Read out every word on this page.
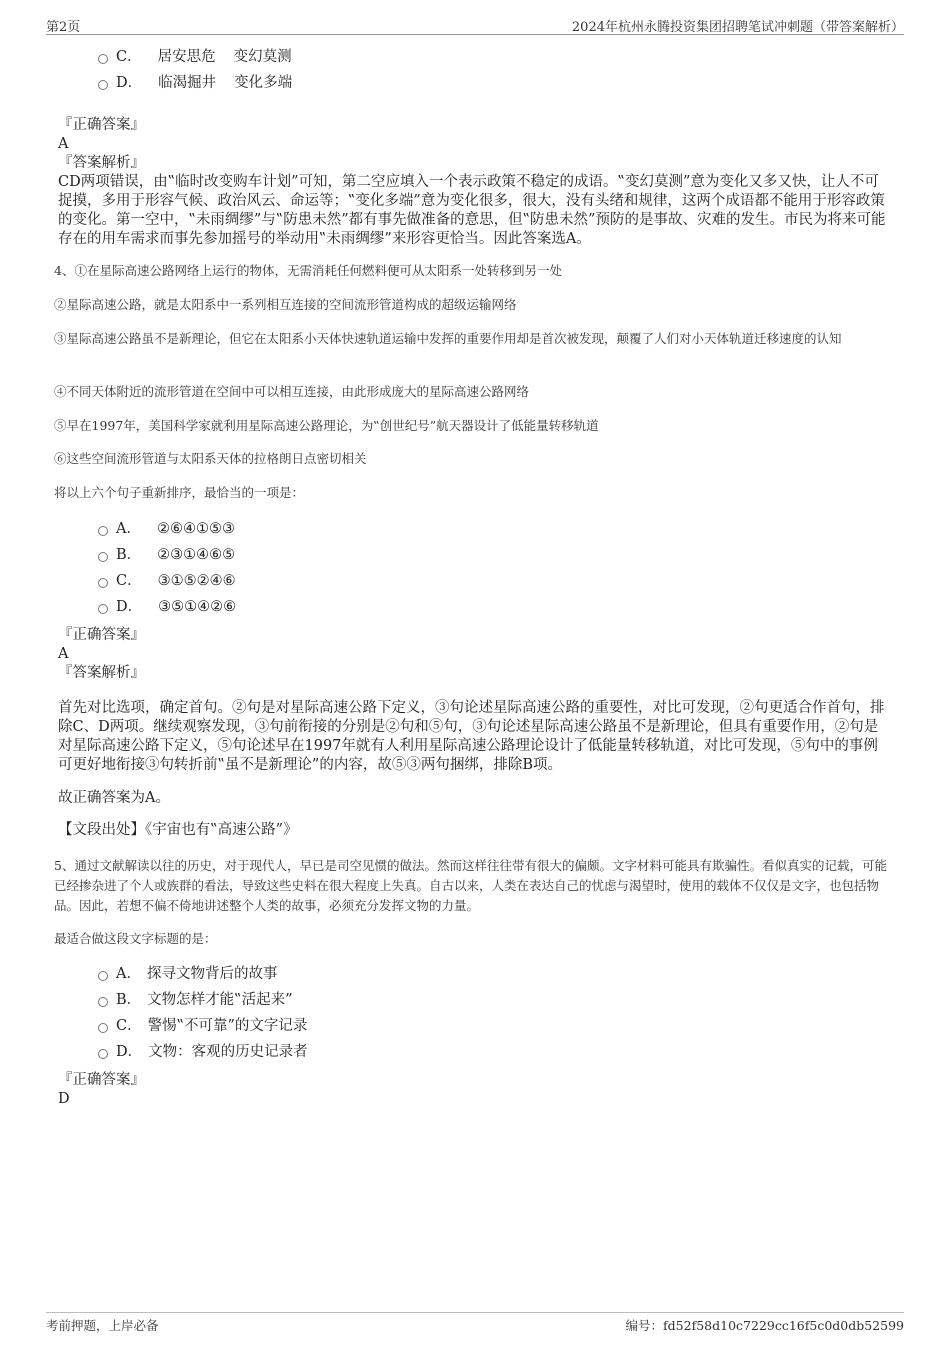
第2页	2024年杭州永腾投资集团招聘笔试冲刺题（带答案解析）
C． 居安思危 变幻莫测
D． 临渴掘井 变化多端

『正确答案』

A

『答案解析』

CD两项错误，由‟临时改变购车计划”可知，第二空应填入一个表示政策不稳定的成语。‟变幻莫测”意为变化又多又快，让人不可捉摸，多用于形容气候、政治风云、命运等；‟变化多端”意为变化很多，很大，没有头绪和规律，这两个成语都不能用于形容政策的变化。第一空中，‟未雨绸缪”与‟防患未然”都有事先做准备的意思，但‟防患未然”预防的是事故、灾难的发生。市民为将来可能存在的用车需求而事先参加摇号的举动用‟未雨绸缪”来形容更恰当。因此答案选A。

4、①在星际高速公路网络上运行的物体，无需消耗任何燃料便可从太阳系一处转移到另一处
②星际高速公路，就是太阳系中一系列相互连接的空间流形管道构成的超级运输网络
③星际高速公路虽不是新理论，但它在太阳系小天体快速轨道运输中发挥的重要作用却是首次被发现，颠覆了人们对小天体轨道迁移速度的认知
④不同天体附近的流形管道在空间中可以相互连接，由此形成庞大的星际高速公路网络
⑤早在1997年，美国科学家就利用星际高速公路理论，为‟创世纪号”航天器设计了低能量转移轨道
⑥这些空间流形管道与太阳系天体的拉格朗日点密切相关
将以上六个句子重新排序，最恰当的一项是：
A． ②⑥④①⑤③
B． ②③①④⑥⑤
C． ③①⑤②④⑥
D． ③⑤①④②⑥

『正确答案』

A

『答案解析』

首先对比选项，确定首句。②句是对星际高速公路下定义，③句论述星际高速公路的重要性，对比可发现，②句更适合作首句，排除C、D两项。继续观察发现，③句前衔接的分别是②句和⑤句，③句论述星际高速公路虽不是新理论，但具有重要作用，②句是对星际高速公路下定义，⑤句论述早在1997年就有人利用星际高速公路理论设计了低能量转移轨道，对比可发现，⑤句中的事例可更好地衔接③句转折前‟虽不是新理论”的内容，故⑤③两句捆绑，排除B项。
故正确答案为A。
【文段出处】《宇宙也有‟高速公路”》
5、通过文献解读以往的历史，对于现代人，早已是司空见惯的做法。然而这样往往带有很大的偏颇。文字材料可能具有欺骗性。看似真实的记载，可能已经掺杂进了个人或族群的看法，导致这些史料在很大程度上失真。自古以来，人类在表达自己的忧虑与渴望时，使用的载体不仅仅是文字，也包括物品。因此，若想不偏不倚地讲述整个人类的故事，必须充分发挥文物的力量。
最适合做这段文字标题的是：
A． 探寻文物背后的故事
B． 文物怎样才能‟活起来”
C． 警惕‟不可靠”的文字记录
D． 文物：客观的历史记录者

『正确答案』

D

考前押题，上岸必备	编号：fd52f58d10c7229cc16f5c0d0db52599
